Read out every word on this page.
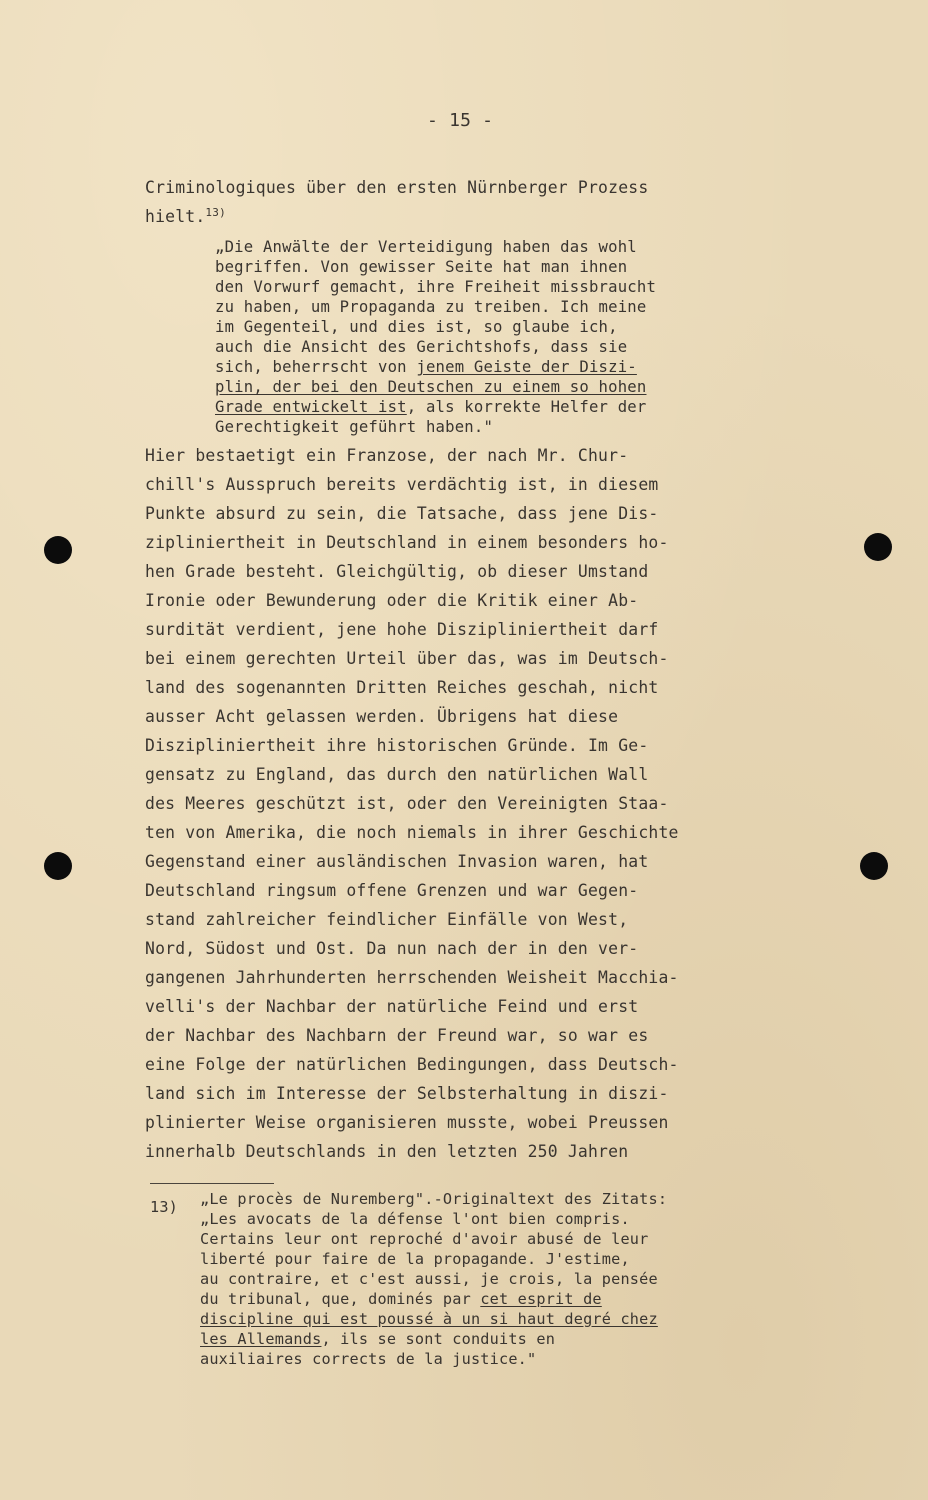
- 15 -
Criminologiques über den ersten Nürnberger Prozess
hielt.$^{13)}$
„Die Anwälte der Verteidigung haben das wohl
begriffen. Von gewisser Seite hat man ihnen
den Vorwurf gemacht, ihre Freiheit missbraucht
zu haben, um Propaganda zu treiben. Ich meine
im Gegenteil, und dies ist, so glaube ich,
auch die Ansicht des Gerichtshofs, dass sie
sich, beherrscht von jenem Geiste der Diszi-
plin, der bei den Deutschen zu einem so hohen
Grade entwickelt ist, als korrekte Helfer der
Gerechtigkeit geführt haben."
Hier bestaetigt ein Franzose, der nach Mr. Chur-
chill's Ausspruch bereits verdächtig ist, in diesem
Punkte absurd zu sein, die Tatsache, dass jene Dis-
zipliniertheit in Deutschland in einem besonders ho-
hen Grade besteht. Gleichgültig, ob dieser Umstand
Ironie oder Bewunderung oder die Kritik einer Ab-
surdität verdient, jene hohe Diszipliniertheit darf
bei einem gerechten Urteil über das, was im Deutsch-
land des sogenannten Dritten Reiches geschah, nicht
ausser Acht gelassen werden. Übrigens hat diese
Diszipliniertheit ihre historischen Gründe. Im Ge-
gensatz zu England, das durch den natürlichen Wall
des Meeres geschützt ist, oder den Vereinigten Staa-
ten von Amerika, die noch niemals in ihrer Geschichte
Gegenstand einer ausländischen Invasion waren, hat
Deutschland ringsum offene Grenzen und war Gegen-
stand zahlreicher feindlicher Einfälle von West,
Nord, Südost und Ost. Da nun nach der in den ver-
gangenen Jahrhunderten herrschenden Weisheit Macchia-
velli's der Nachbar der natürliche Feind und erst
der Nachbar des Nachbarn der Freund war, so war es
eine Folge der natürlichen Bedingungen, dass Deutsch-
land sich im Interesse der Selbsterhaltung in diszi-
plinierter Weise organisieren musste, wobei Preussen
innerhalb Deutschlands in den letzten 250 Jahren
13) „Le procès de Nuremberg".-Originaltext des Zitats:
„Les avocats de la défense l'ont bien compris.
Certains leur ont reproché d'avoir abusé de leur
liberté pour faire de la propagande. J'estime,
au contraire, et c'est aussi, je crois, la pensée
du tribunal, que, dominés par cet esprit de
discipline qui est poussé à un si haut degré chez
les Allemands, ils se sont conduits en
auxiliaires corrects de la justice."
